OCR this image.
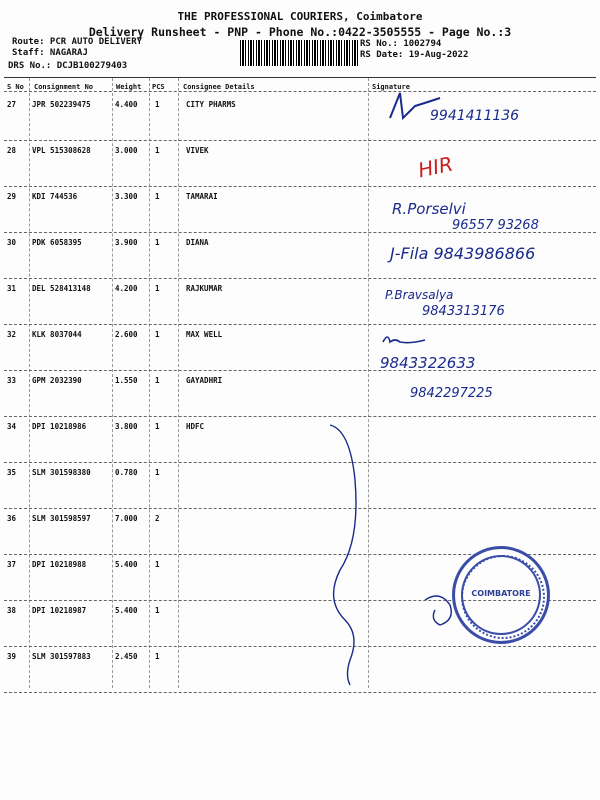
THE PROFESSIONAL COURIERS, Coimbatore
Delivery Runsheet - PNP - Phone No.:0422-3505555 - Page No.:3
Route: PCR AUTO DELIVERY
Staff: NAGARAJ
DRS No.: DCJB100279403
RS No.: 1002794
RS Date: 19-Aug-2022
S No Consignment No	Weight PCS	Consignee Details	Signature
27 JPR 502239475	4.400 1	CITY PHARMS
28 VPL 515308628	3.000 1	VIVEK
29 KDI 744536	3.300 1	TAMARAI
30 PDK 6058395	3.900 1	DIANA
31 DEL 528413148	4.200 1	RAJKUMAR
32 KLK 8037044	2.600 1	MAX WELL
33 GPM 2032390	1.550 1	GAYADHRI
34 DPI 10218986	3.800 1	HDFC
35 SLM 301598380	0.780 1
36 SLM 301598597	7.000 2
37 DPI 10218988	5.400 1
38 DPI 10218987	5.400 1
39 SLM 301597883	2.450 1
9941411136
HIR
R.Porselvi
96557 93268
J-Fila 9843986866
P.Bravsalya
9843313176
9843322633
9842297225
COIMBATORE
